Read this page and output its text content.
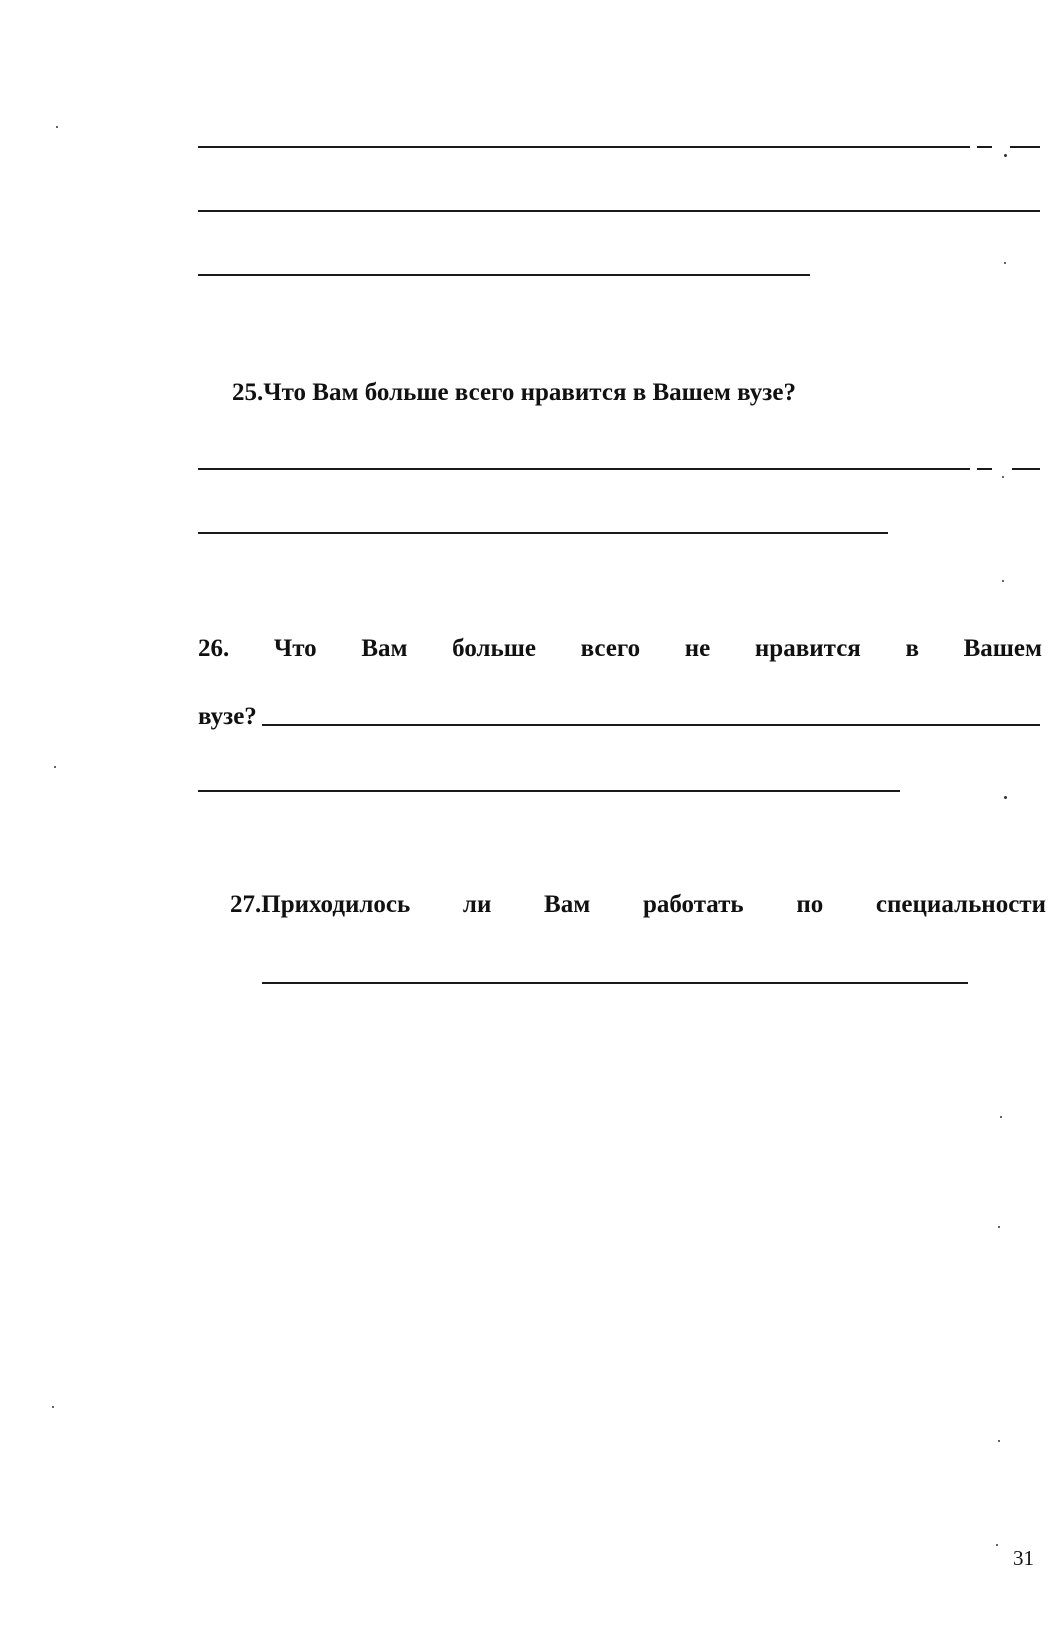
25.Что Вам больше всего нравится в Вашем вузе?
26. Что Вам больше всего не нравится в Вашем
вузе?
27.Приходилось ли Вам работать по специальности
31
